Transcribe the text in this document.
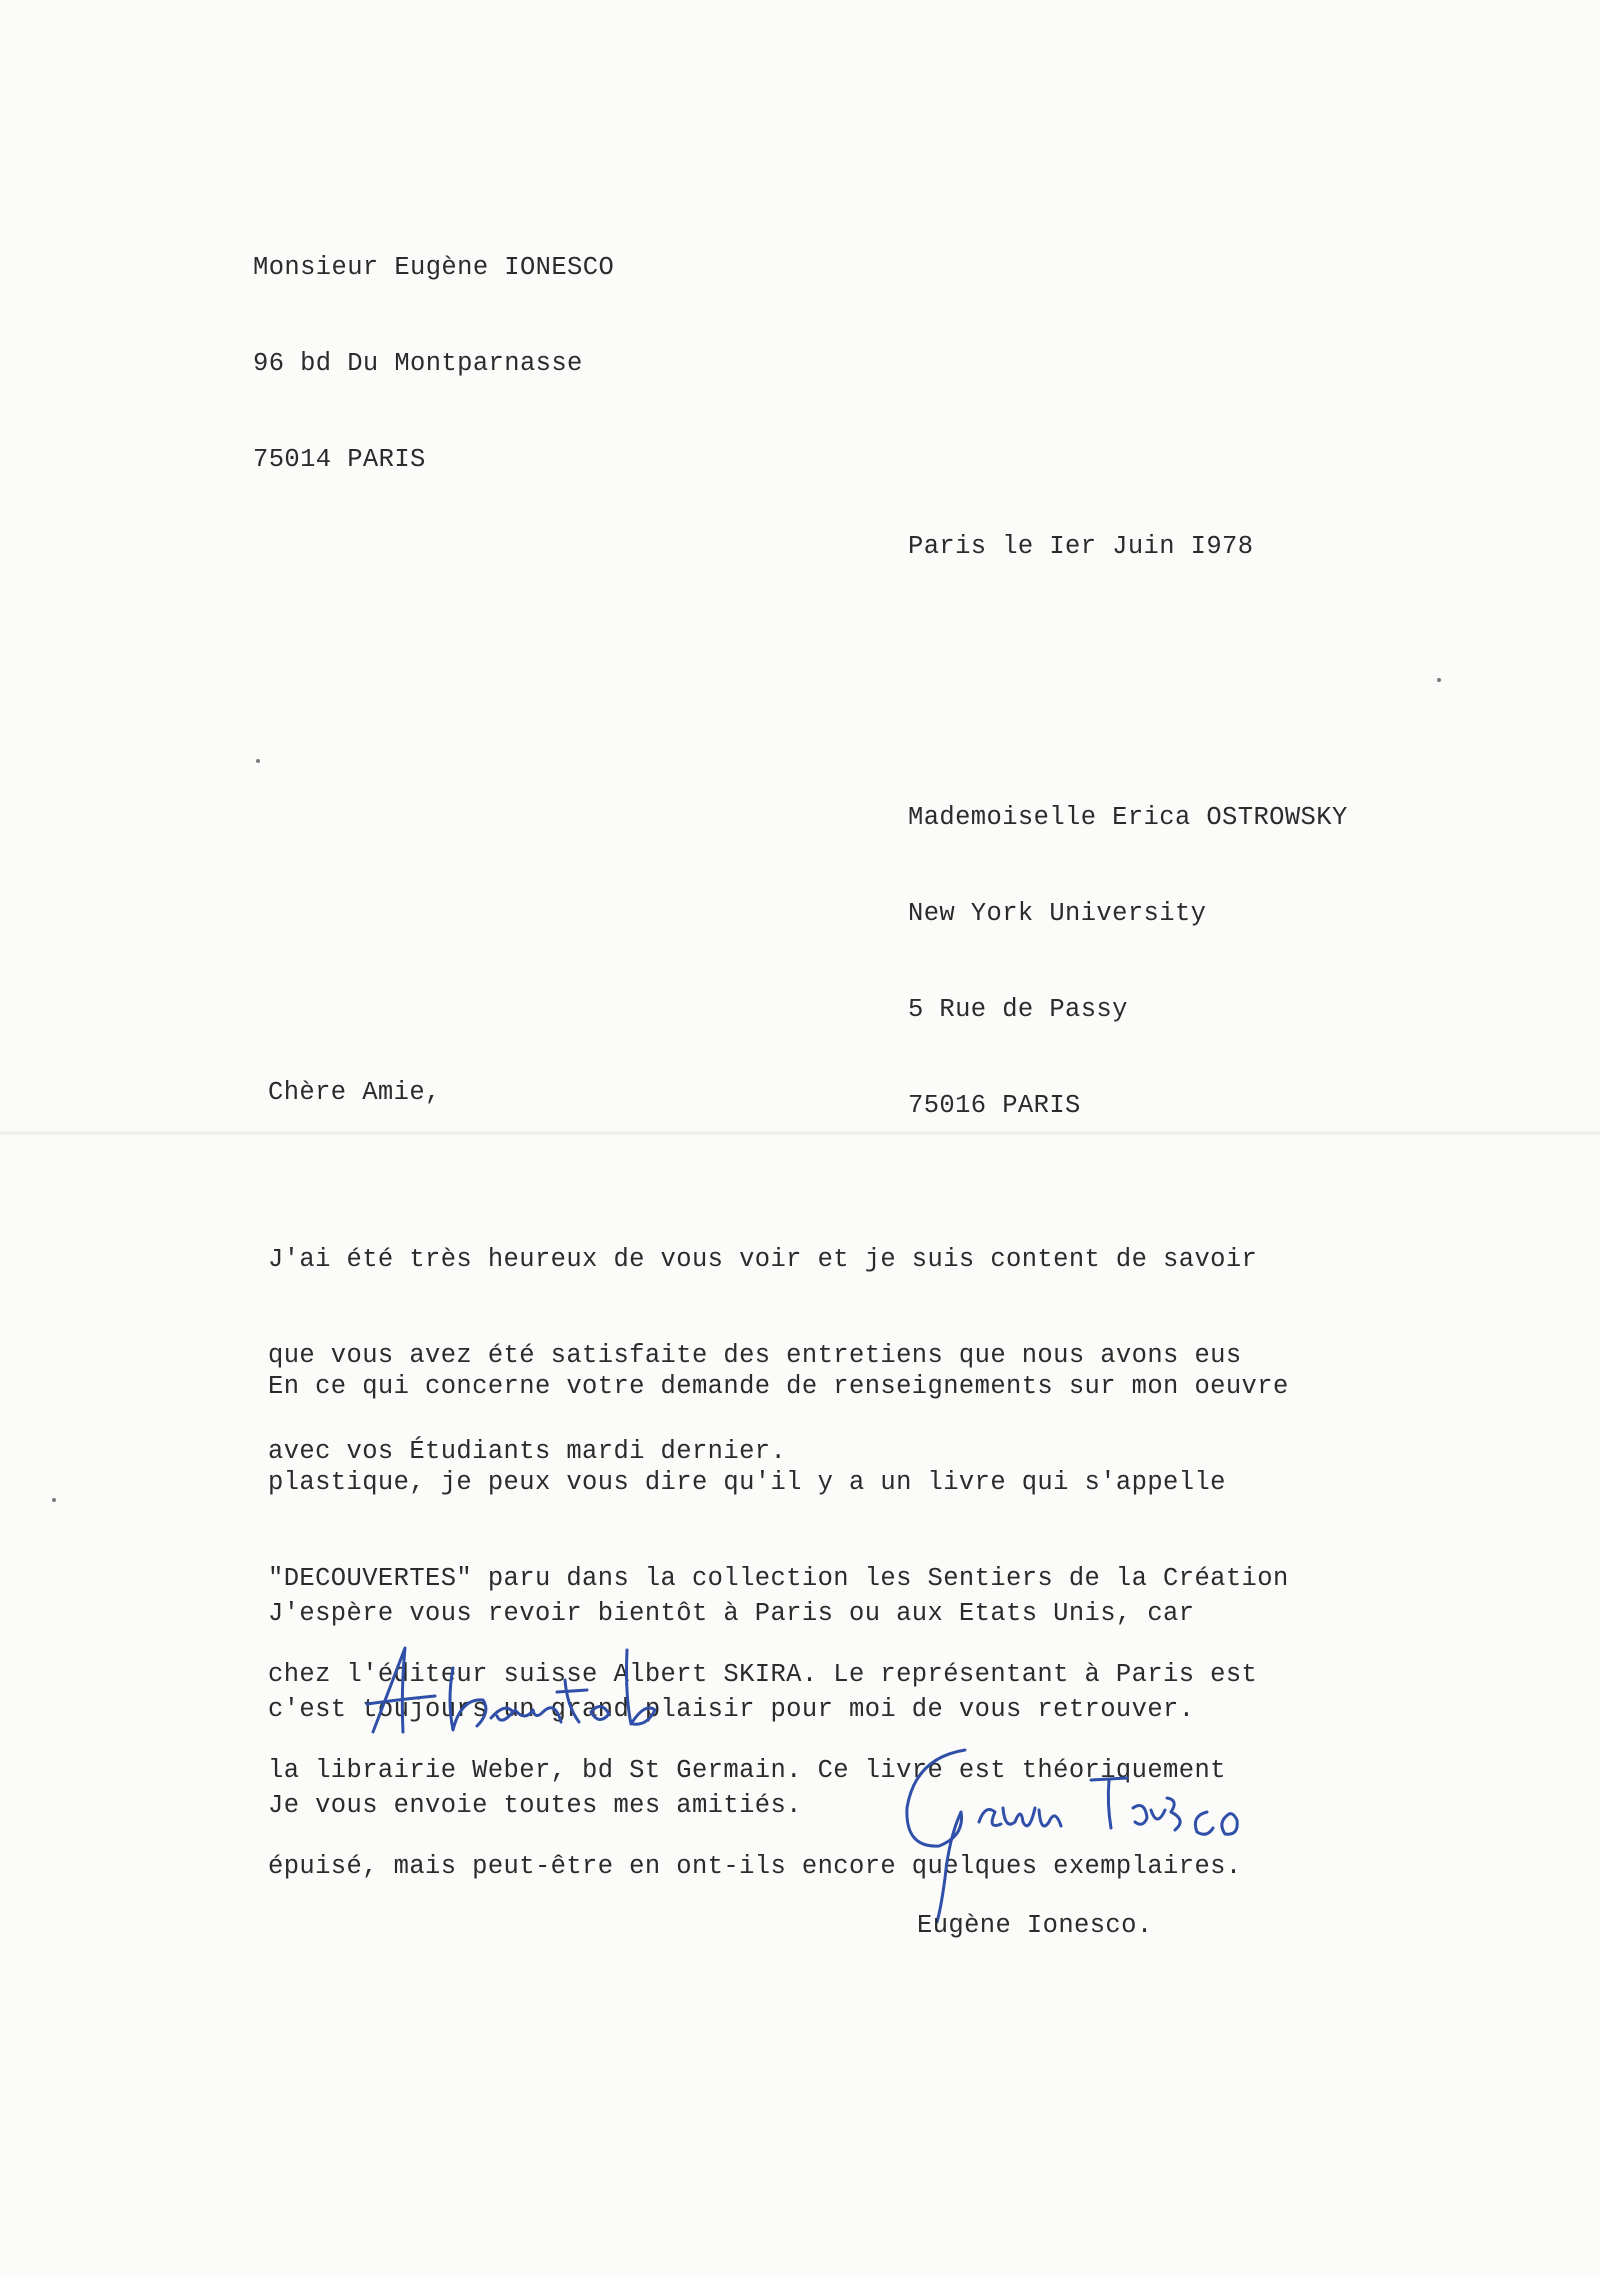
Monsieur Eugène IONESCO

96 bd Du Montparnasse

75014 PARIS

Paris le Ier Juin I978

Mademoiselle Erica OSTROWSKY

New York University

5 Rue de Passy

75016 PARIS

Chère Amie,

J'ai été très heureux de vous voir et je suis content de savoir

que vous avez été satisfaite des entretiens que nous avons eus

avec vos Étudiants mardi dernier.

En ce qui concerne votre demande de renseignements sur mon oeuvre

plastique, je peux vous dire qu'il y a un livre qui s'appelle

"DECOUVERTES" paru dans la collection les Sentiers de la Création

chez l'éditeur suisse Albert SKIRA. Le représentant à Paris est

la librairie Weber, bd St Germain. Ce livre est théoriquement

épuisé, mais peut-être en ont-ils encore quelques exemplaires.

J'espère vous revoir bientôt à Paris ou aux Etats Unis, car

c'est toujours un grand plaisir pour moi de vous retrouver.

Je vous envoie toutes mes amitiés.

Eugène Ionesco.
